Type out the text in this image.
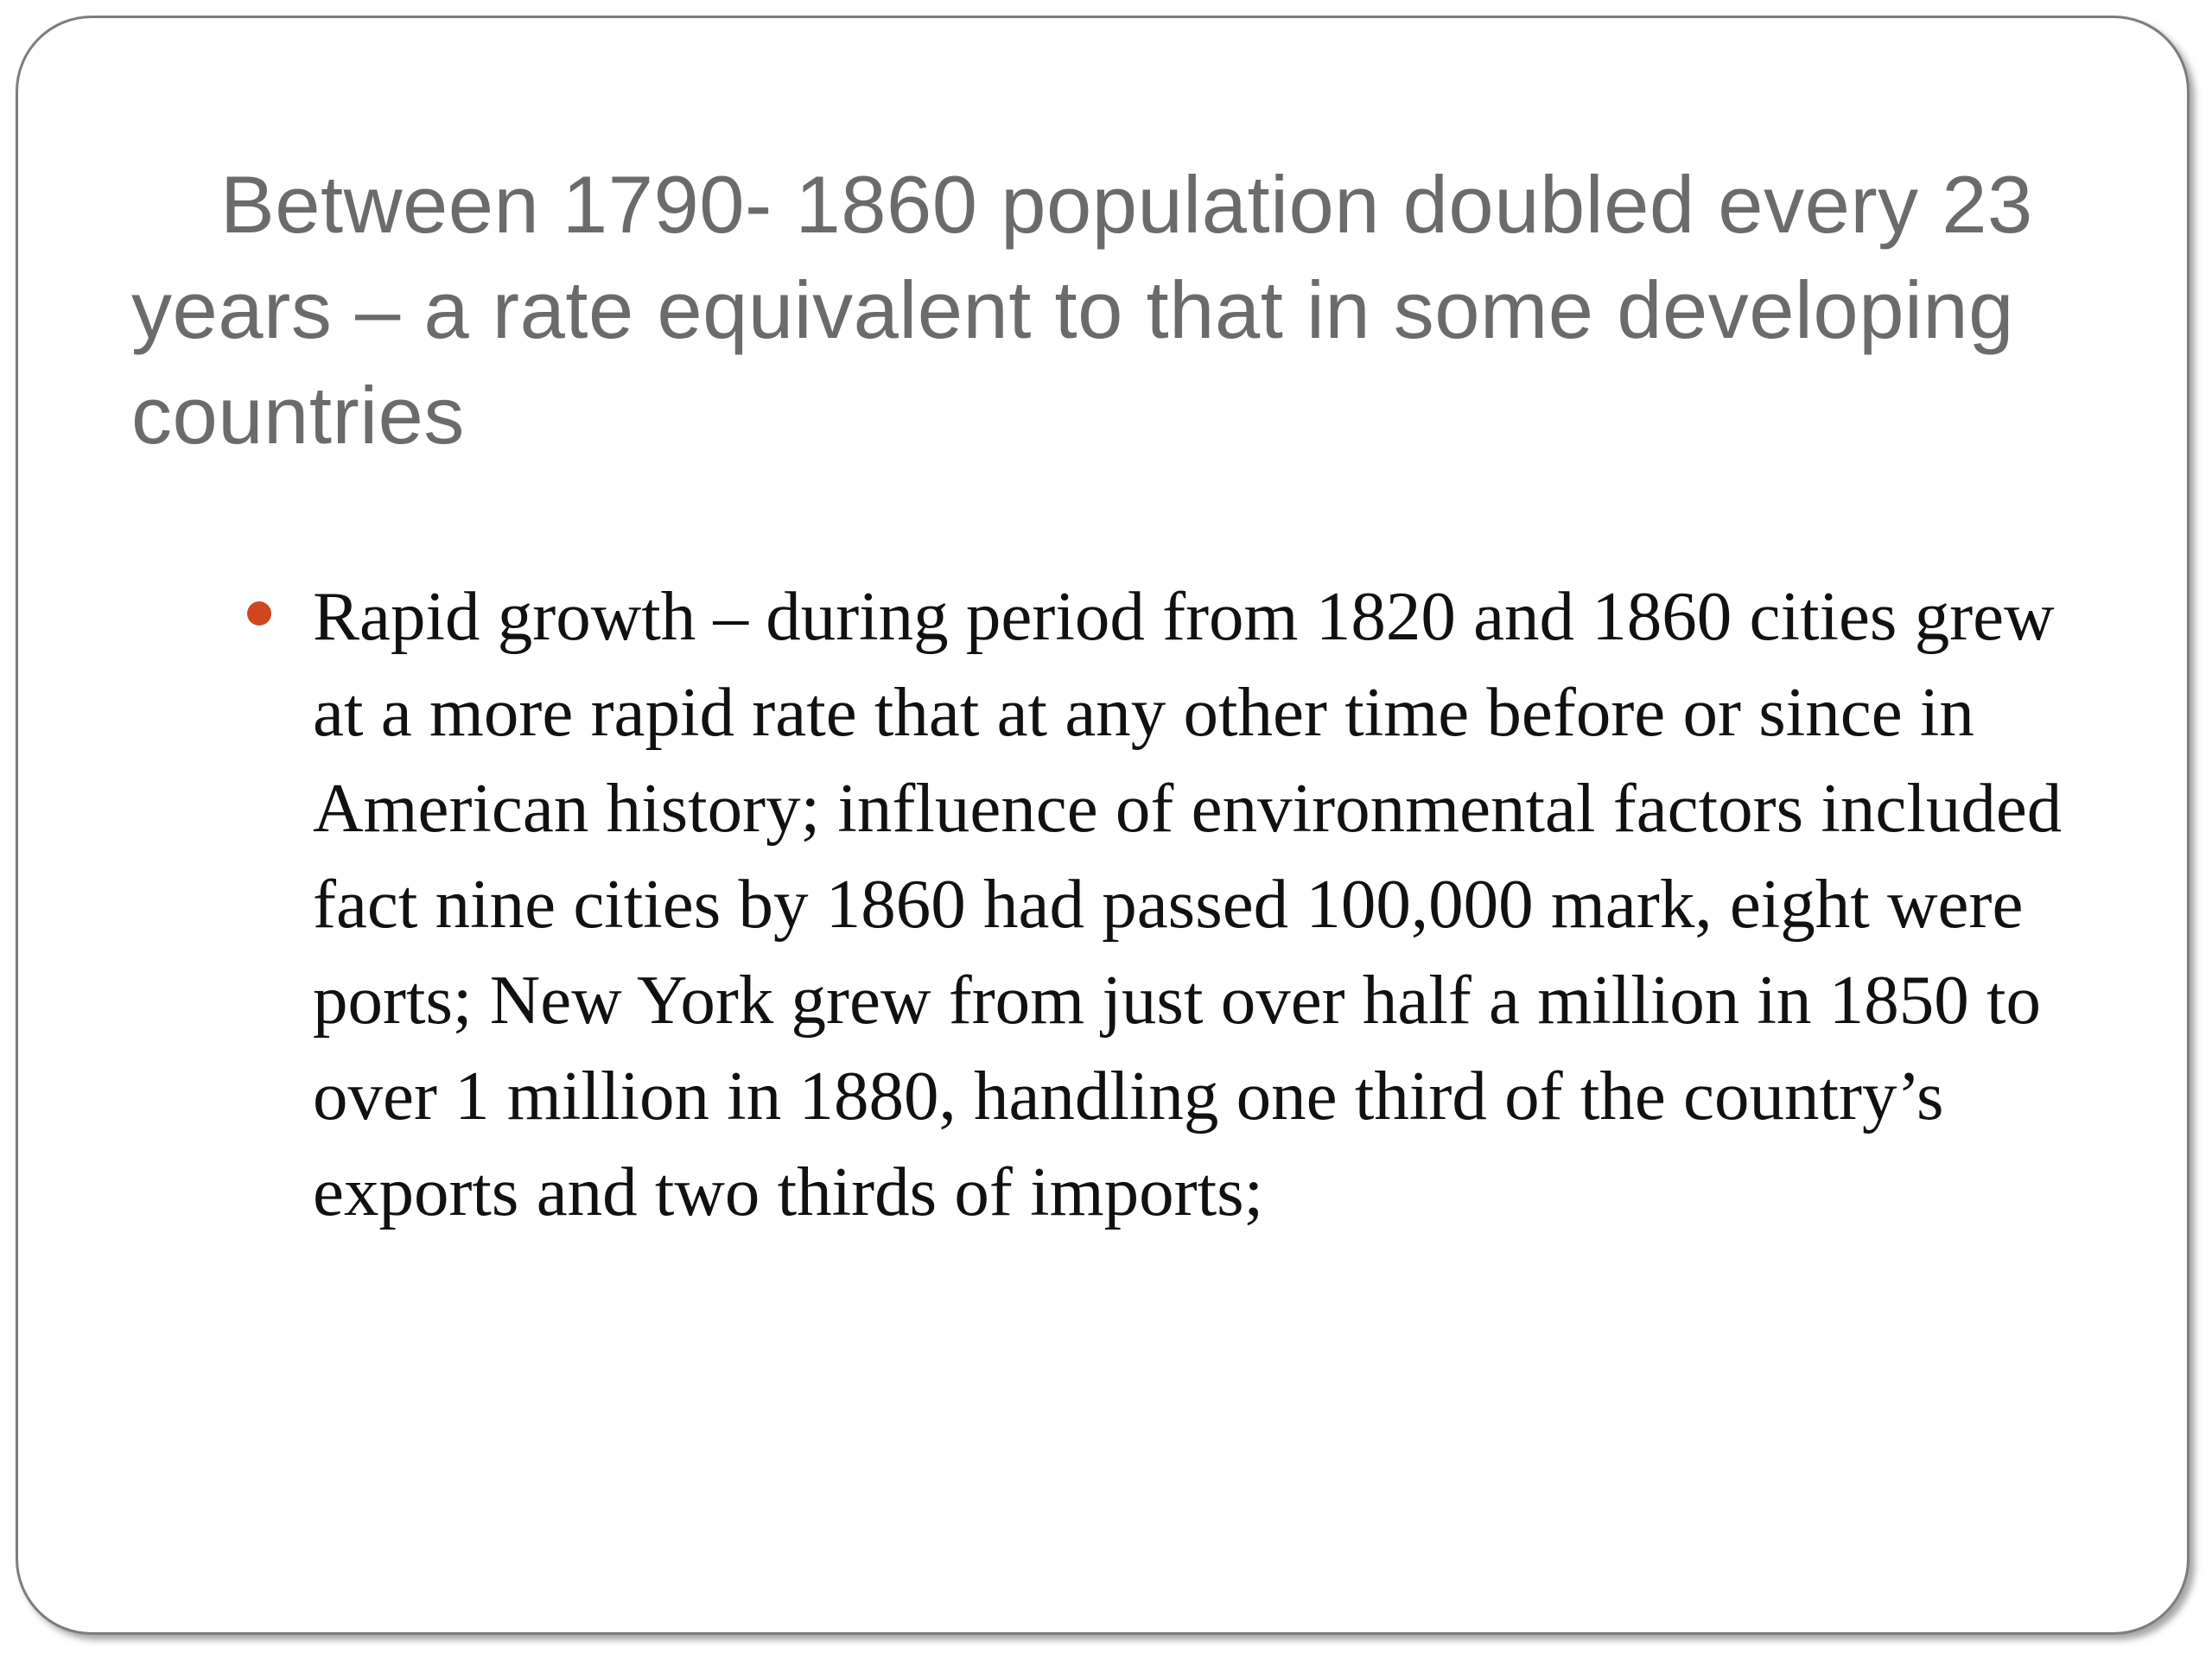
Between 1790- 1860 population doubled every 23 years – a rate equivalent to that in some developing countries
Rapid growth – during period from 1820 and 1860 cities grew at a more rapid rate that at any other time before or since in American history; influence of environmental factors included fact nine cities by 1860 had passed 100,000 mark, eight were ports; New York grew from just over half a million in 1850 to over 1 million in 1880, handling one third of the country’s exports and two thirds of imports;
